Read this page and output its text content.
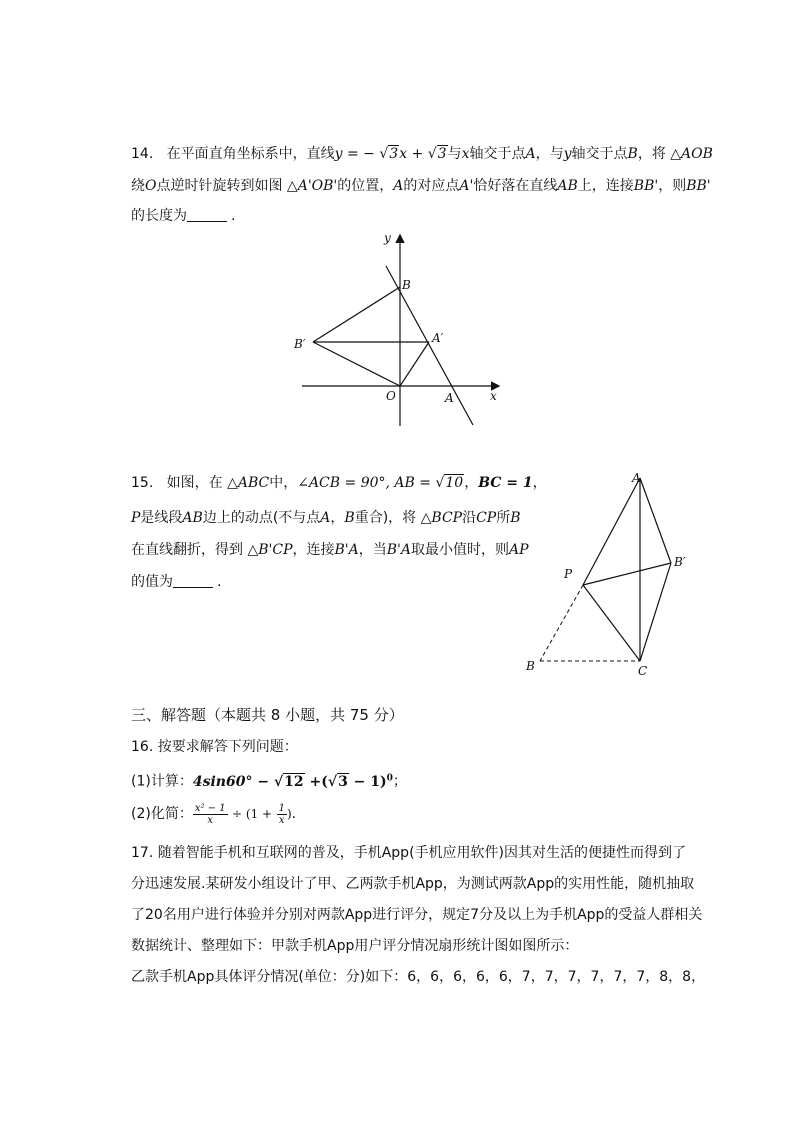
14. 在平面直角坐标系中，直线y = − √3x + √3与x轴交于点A，与y轴交于点B，将 △AOB
绕O点逆时针旋转到如图 △A'OB'的位置，A的对应点A'恰好落在直线AB上，连接BB'，则BB'
的长度为	.
y
B
B′	A′
O	A	x
15. 如图，在 △ABC中，∠ACB = 90°, AB = √10，BC = 1，
P是线段AB边上的动点(不与点A，B重合)，将 △BCP沿CP所B
在直线翻折，得到 △B'CP，连接B'A，当B'A取最小值时，则AP
的值为	.
A
B′
P
B	C
三、解答题（本题共 8 小题，共 75 分）
16. 按要求解答下列问题：
(1)计算：$4\sin 60^\circ - √12 +(√3 - 1)^0$；
(2)化简： $\frac{\text{x² − 1}}{x} \div (1 + \frac{1}{x}$ ).
17. 随着智能手机和互联网的普及，手机App(手机应用软件)因其对生活的便捷性而得到了
分迅速发展.某研发小组设计了甲、乙两款手机App，为测试两款App的实用性能，随机抽取
了20名用户进行体验并分别对两款App进行评分，规定7分及以上为手机App的受益人群相关
数据统计、整理如下：甲款手机App用户评分情况扇形统计图如图所示：
乙款手机App具体评分情况(单位：分)如下：6，6，6，6，6，7，7，7，7，7，7，8，8，
